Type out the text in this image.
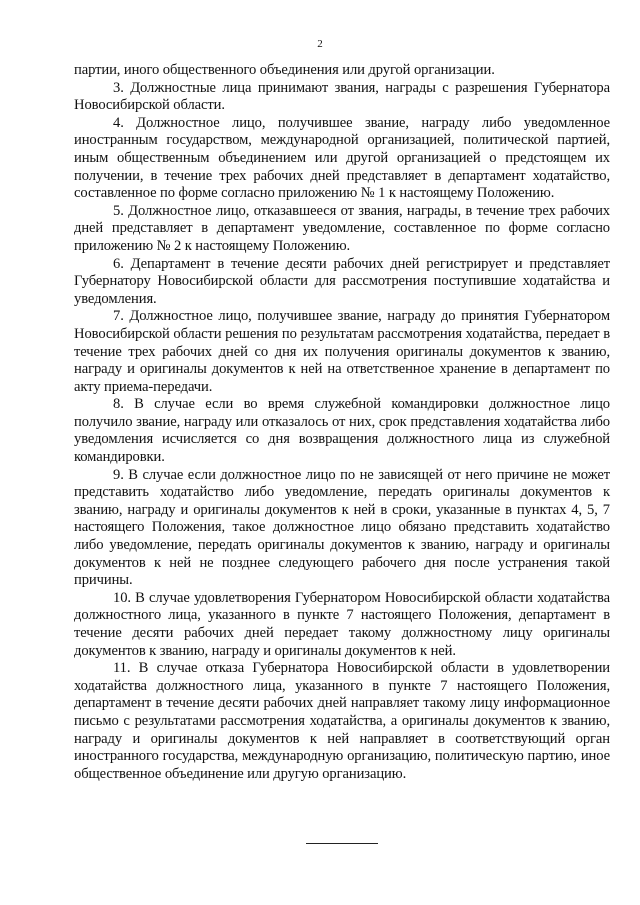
2

партии, иного общественного объединения или другой организации.

3. Должностные лица принимают звания, награды с разрешения Губернатора Новосибирской области.

4. Должностное лицо, получившее звание, награду либо уведомленное иностранным государством, международной организацией, политической партией, иным общественным объединением или другой организацией о предстоящем их получении, в течение трех рабочих дней представляет в департамент ходатайство, составленное по форме согласно приложению № 1 к настоящему Положению.

5. Должностное лицо, отказавшееся от звания, награды, в течение трех рабочих дней представляет в департамент уведомление, составленное по форме согласно приложению № 2 к настоящему Положению.

6. Департамент в течение десяти рабочих дней регистрирует и представляет Губернатору Новосибирской области для рассмотрения поступившие ходатайства и уведомления.

7. Должностное лицо, получившее звание, награду до принятия Губернатором Новосибирской области решения по результатам рассмотрения ходатайства, передает в течение трех рабочих дней со дня их получения оригиналы документов к званию, награду и оригиналы документов к ней на ответственное хранение в департамент по акту приема-передачи.

8. В случае если во время служебной командировки должностное лицо получило звание, награду или отказалось от них, срок представления ходатайства либо уведомления исчисляется со дня возвращения должностного лица из служебной командировки.

9. В случае если должностное лицо по не зависящей от него причине не может представить ходатайство либо уведомление, передать оригиналы документов к званию, награду и оригиналы документов к ней в сроки, указанные в пунктах 4, 5, 7 настоящего Положения, такое должностное лицо обязано представить ходатайство либо уведомление, передать оригиналы документов к званию, награду и оригиналы документов к ней не позднее следующего рабочего дня после устранения такой причины.

10. В случае удовлетворения Губернатором Новосибирской области ходатайства должностного лица, указанного в пункте 7 настоящего Положения, департамент в течение десяти рабочих дней передает такому должностному лицу оригиналы документов к званию, награду и оригиналы документов к ней.

11. В случае отказа Губернатора Новосибирской области в удовлетворении ходатайства должностного лица, указанного в пункте 7 настоящего Положения, департамент в течение десяти рабочих дней направляет такому лицу информационное письмо с результатами рассмотрения ходатайства, а оригиналы документов к званию, награду и оригиналы документов к ней направляет в соответствующий орган иностранного государства, международную организацию, политическую партию, иное общественное объединение или другую организацию.
